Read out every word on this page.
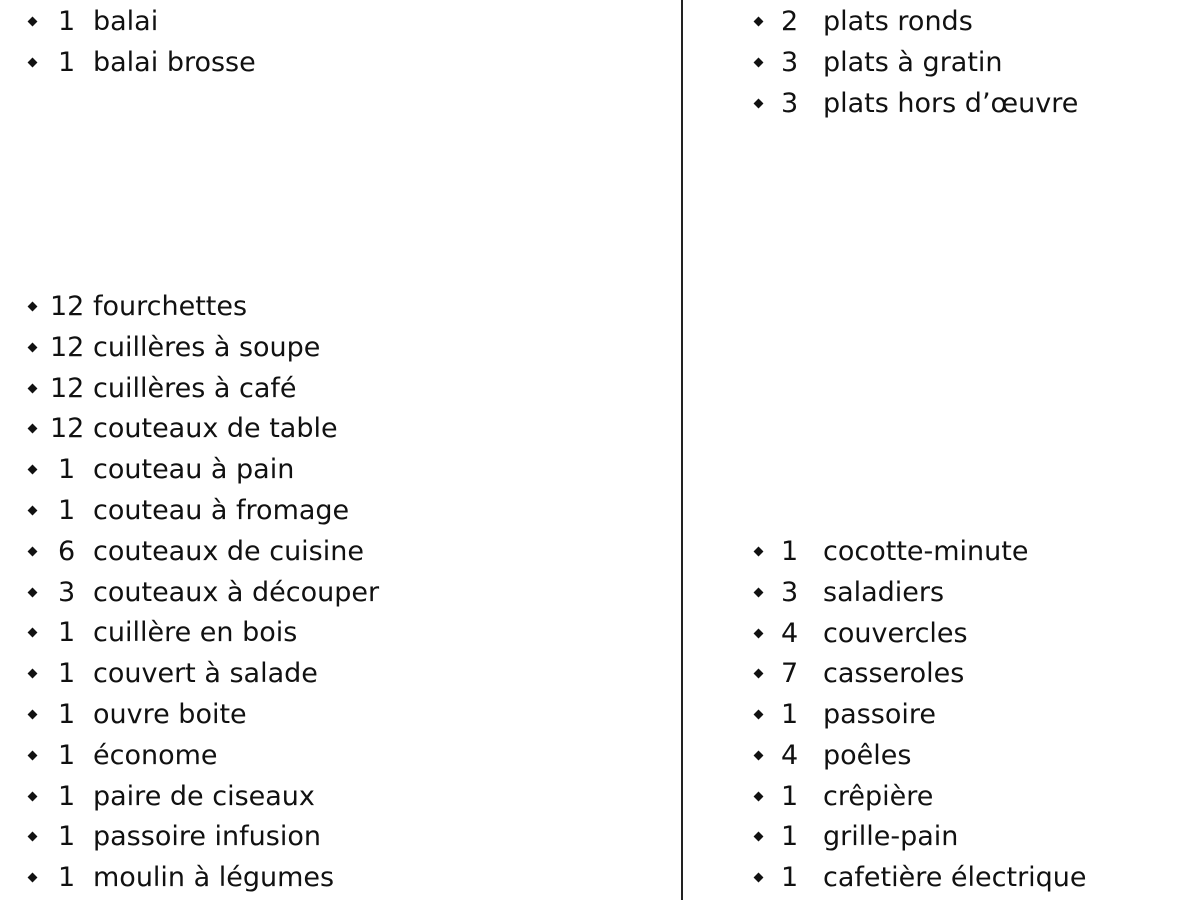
1 balai
1 balai brosse
12 fourchettes
12 cuillères à soupe
12 cuillères à café
12 couteaux de table
1 couteau à pain
1 couteau à fromage
6 couteaux de cuisine
3 couteaux à découper
1 cuillère en bois
1 couvert à salade
1 ouvre boite
1 économe
1 paire de ciseaux
1 passoire infusion
1 moulin à légumes
2 plats ronds
3 plats à gratin
3 plats hors d’œuvre
1 cocotte-minute
3 saladiers
4 couvercles
7 casseroles
1 passoire
4 poêles
1 crêpière
1 grille-pain
1 cafetière électrique
